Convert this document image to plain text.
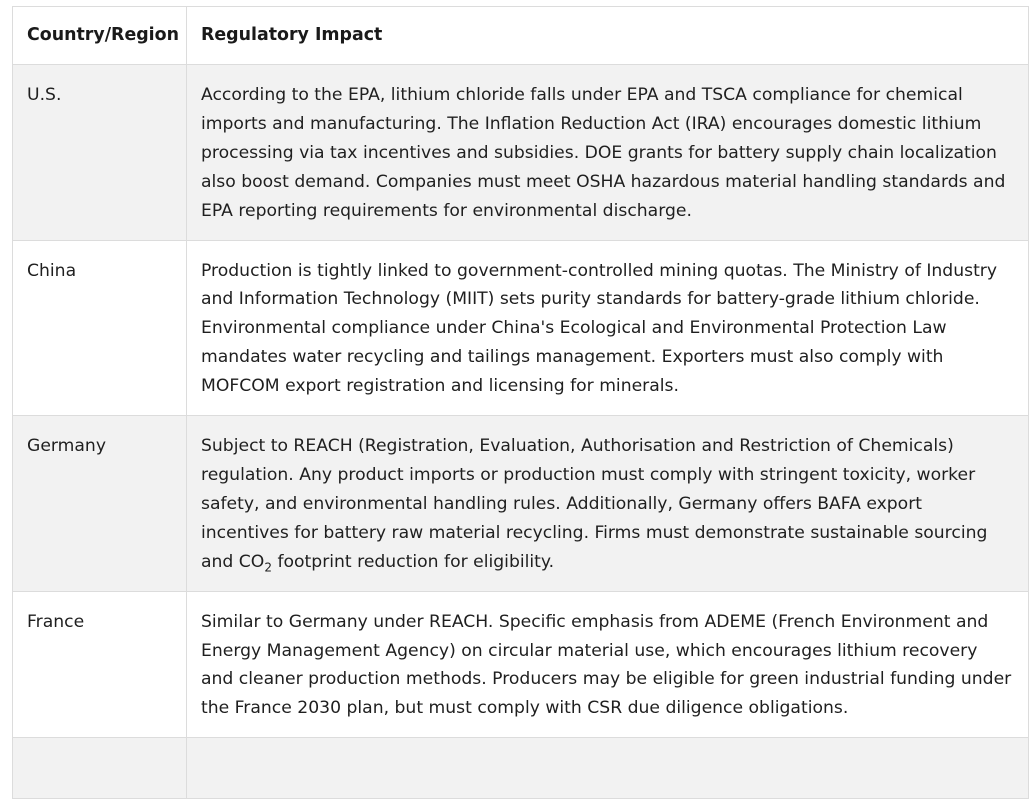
Country/Region	Regulatory Impact
U.S.	According to the EPA, lithium chloride falls under EPA and TSCA compliance for chemical imports and manufacturing. The Inflation Reduction Act (IRA) encourages domestic lithium processing via tax incentives and subsidies. DOE grants for battery supply chain localization also boost demand. Companies must meet OSHA hazardous material handling standards and EPA reporting requirements for environmental discharge.
China	Production is tightly linked to government-controlled mining quotas. The Ministry of Industry and Information Technology (MIIT) sets purity standards for battery-grade lithium chloride. Environmental compliance under China's Ecological and Environmental Protection Law mandates water recycling and tailings management. Exporters must also comply with MOFCOM export registration and licensing for minerals.
Germany	Subject to REACH (Registration, Evaluation, Authorisation and Restriction of Chemicals) regulation. Any product imports or production must comply with stringent toxicity, worker safety, and environmental handling rules. Additionally, Germany offers BAFA export incentives for battery raw material recycling. Firms must demonstrate sustainable sourcing and $CO_2$ footprint reduction for eligibility.
France	Similar to Germany under REACH. Specific emphasis from ADEME (French Environment and Energy Management Agency) on circular material use, which encourages lithium recovery and cleaner production methods. Producers may be eligible for green industrial funding under the France 2030 plan, but must comply with CSR due diligence obligations.
